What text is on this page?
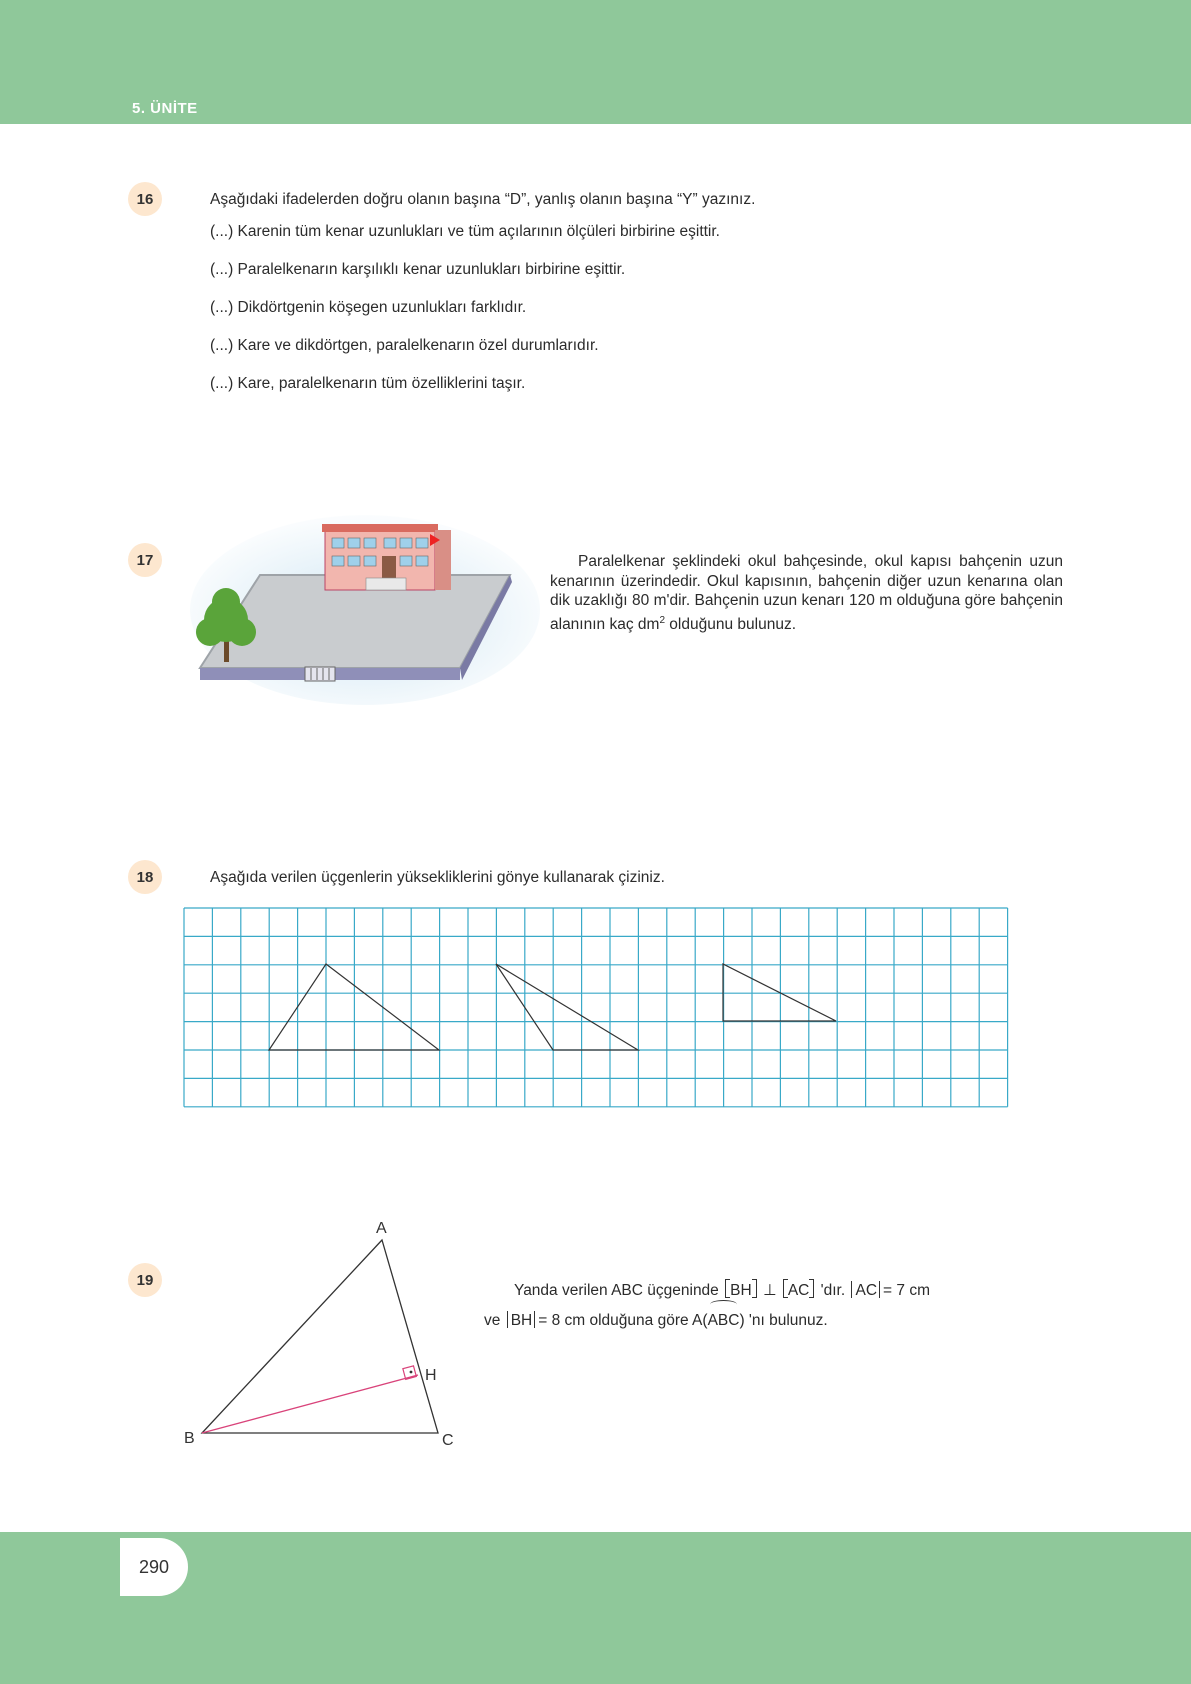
5. ÜNİTE
16	Aşağıdaki ifadelerden doğru olanın başına “D”, yanlış olanın başına “Y” yazınız.
(...) Karenin tüm kenar uzunlukları ve tüm açılarının ölçüleri birbirine eşittir.
(...) Paralelkenarın karşılıklı kenar uzunlukları birbirine eşittir.
(...) Dikdörtgenin köşegen uzunlukları farklıdır.
(...) Kare ve dikdörtgen, paralelkenarın özel durumlarıdır.
(...) Kare, paralelkenarın tüm özelliklerini taşır.
17	Paralelkenar şeklindeki okul bahçesinde, okul kapısı bahçenin uzun kenarının üzerindedir. Okul kapısının, bahçenin diğer uzun kenarına olan dik uzaklığı 80 m'dir. Bahçenin uzun kenarı 120 m olduğuna göre bahçenin alanının kaç $dm^2$ olduğunu bulunuz.
18	Aşağıda verilen üçgenlerin yüksekliklerini gönye kullanarak çiziniz.
19
A
B	C
H
Yanda verilen ABC üçgeninde BH ⊥ AC 'dır. AC = 7 cm
ve BH = 8 cm olduğuna göre A(ABC) 'nı bulunuz.
290
